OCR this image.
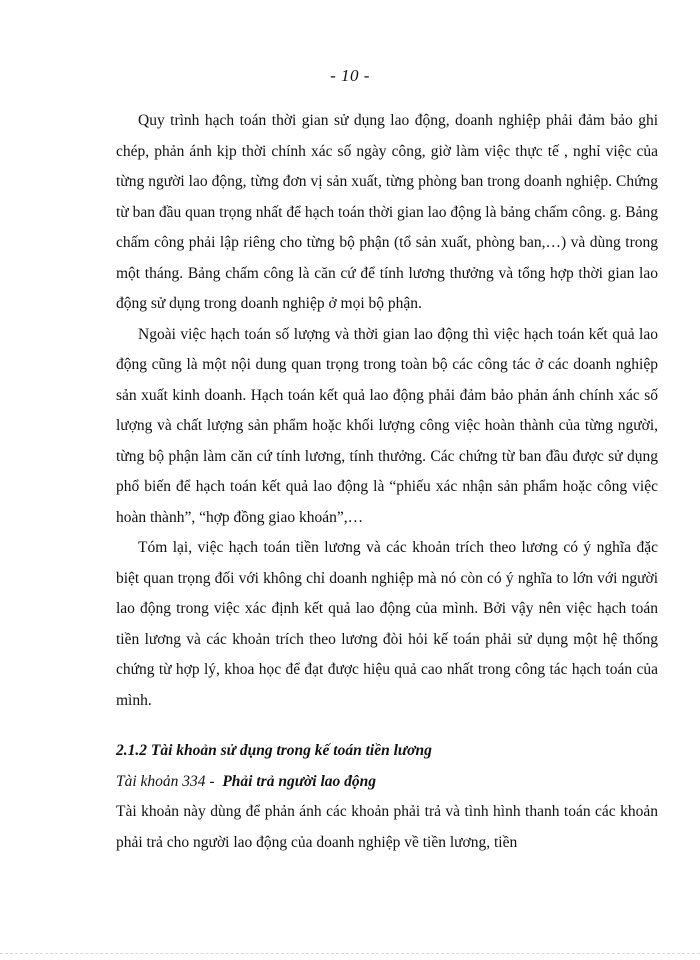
- 10 -

Quy trình hạch toán thời gian sử dụng lao động, doanh nghiệp phải đảm bảo ghi chép, phản ánh kịp thời chính xác số ngày công, giờ làm việc thực tế , nghỉ việc của từng người lao động, từng đơn vị sản xuất, từng phòng ban trong doanh nghiệp. Chứng từ ban đầu quan trọng nhất để hạch toán thời gian lao động là bảng chấm công. g. Bảng chấm công phải lập riêng cho từng bộ phận (tổ sản xuất, phòng ban,…) và dùng trong một tháng. Bảng chấm công là căn cứ để tính lương thưởng và tổng hợp thời gian lao động sử dụng trong doanh nghiệp ở mọi bộ phận.

Ngoài việc hạch toán số lượng và thời gian lao động thì việc hạch toán kết quả lao động cũng là một nội dung quan trọng trong toàn bộ các công tác ở các doanh nghiệp sản xuất kinh doanh. Hạch toán kết quả lao động phải đảm bảo phản ánh chính xác số lượng và chất lượng sản phẩm hoặc khối lượng công việc hoàn thành của từng người, từng bộ phận làm căn cứ tính lương, tính thưởng. Các chứng từ ban đầu được sử dụng phổ biến để hạch toán kết quả lao động là “phiếu xác nhận sản phẩm hoặc công việc hoàn thành”, “hợp đồng giao khoán”,…

Tóm lại, việc hạch toán tiền lương và các khoản trích theo lương có ý nghĩa đặc biệt quan trọng đối với không chỉ doanh nghiệp mà nó còn có ý nghĩa to lớn với người lao động trong việc xác định kết quả lao động của mình. Bởi vậy nên việc hạch toán tiền lương và các khoản trích theo lương đòi hỏi kế toán phải sử dụng một hệ thống chứng từ hợp lý, khoa học để đạt được hiệu quả cao nhất trong công tác hạch toán của mình.

2.1.2 Tài khoản sử dụng trong kế toán tiền lương

Tài khoản 334 - Phải trả người lao động

Tài khoản này dùng để phản ánh các khoản phải trả và tình hình thanh toán các khoản phải trả cho người lao động của doanh nghiệp về tiền lương, tiền
